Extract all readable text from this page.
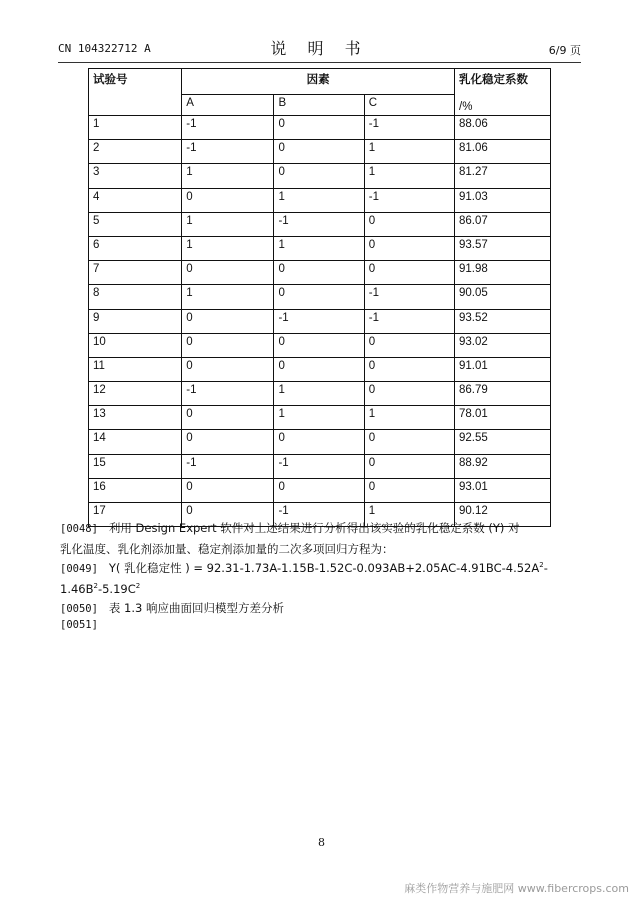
CN 104322712 A	说 明 书	6/9 页
试验号	因素			乳化稳定系数
/%

	A	B	C	
1	-1	0	-1	88.06
2	-1	0	1	81.06
3	1	0	1	81.27
4	0	1	-1	91.03
5	1	-1	0	86.07
6	1	1	0	93.57
7	0	0	0	91.98
8	1	0	-1	90.05
9	0	-1	-1	93.52
10	0	0	0	93.02
11	0	0	0	91.01
12	-1	1	0	86.79
13	0	1	1	78.01
14	0	0	0	92.55
15	-1	-1	0	88.92
16	0	0	0	93.01
17	0	-1	1	90.12
[0048] 利用 Design Expert 软件对上述结果进行分析得出该实验的乳化稳定系数 (Y) 对
乳化温度、乳化剂添加量、稳定剂添加量的二次多项回归方程为：
[0049] Y( 乳化稳定性 ) = $92.31-1.73A-1.15B-1.52C-0.093AB+2.05AC-4.91BC-4.52A^2-$
$1.46B^2-5.19C^2$
[0050] 表 1.3 响应曲面回归模型方差分析
[0051]
8
麻类作物营养与施肥网 www.fibercrops.com
